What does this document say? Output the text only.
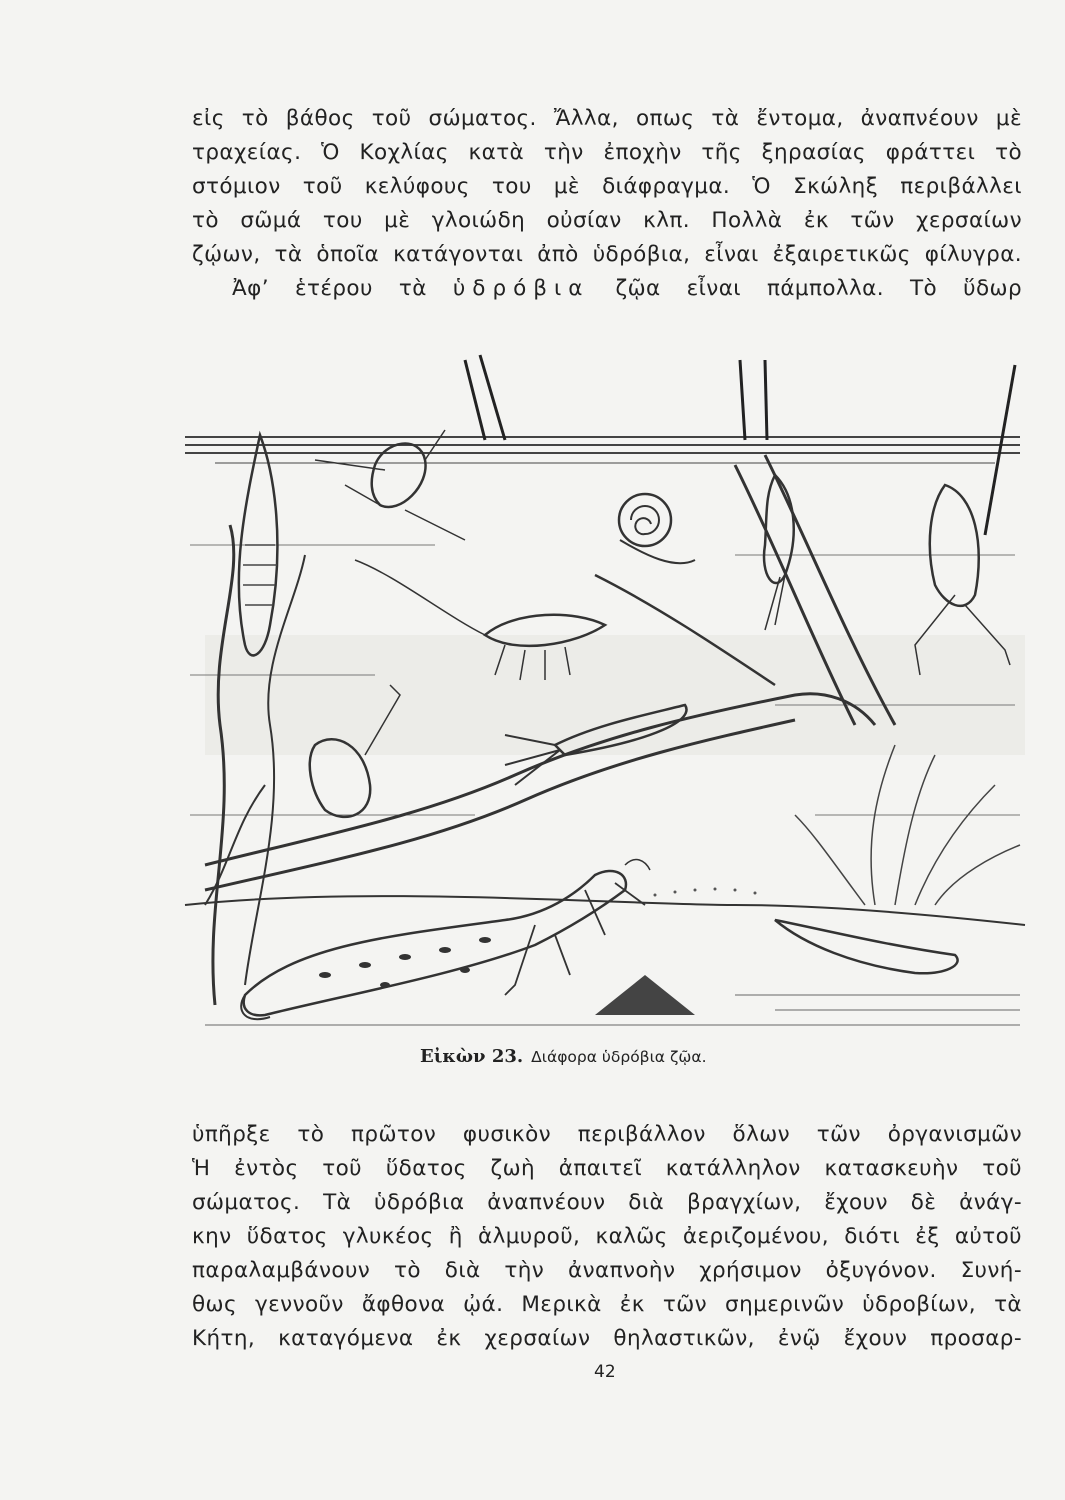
εἰς τὸ βάθος τοῦ σώματος. Ἄλλα, οπως τὰ ἔντομα, ἀναπνέουν μὲ
τραχείας. Ὁ Κοχλίας κατὰ τὴν ἐποχὴν τῆς ξηρασίας φράττει τὸ
στόμιον τοῦ κελύφους του μὲ διάφραγμα. Ὁ Σκώληξ περιβάλλει
τὸ σῶμά του μὲ γλοιώδη οὐσίαν κλπ. Πολλὰ ἐκ τῶν χερσαίων
ζῴων, τὰ ὁποῖα κατάγονται ἀπὸ ὑδρόβια, εἶναι ἐξαιρετικῶς φίλυγρα.
Ἀφ’ ἑτέρου τὰ ὑδρόβια ζῷα εἶναι πάμπολλα. Τὸ ὕδωρ
Εἰκὼν 23. Διάφορα ὑδρόβια ζῷα.
ὑπῆρξε τὸ πρῶτον φυσικὸν περιβάλλον ὅλων τῶν ὀργανισμῶν
Ἡ ἐντὸς τοῦ ὕδατος ζωὴ ἀπαιτεῖ κατάλληλον κατασκευὴν τοῦ
σώματος. Τὰ ὑδρόβια ἀναπνέουν διὰ βραγχίων, ἔχουν δὲ ἀνάγ-
κην ὕδατος γλυκέος ἢ ἁλμυροῦ, καλῶς ἀεριζομένου, διότι ἐξ αὐτοῦ
παραλαμβάνουν τὸ διὰ τὴν ἀναπνοὴν χρήσιμον ὀξυγόνον. Συνή-
θως γεννοῦν ἄφθονα ᾠά. Μερικὰ ἐκ τῶν σημερινῶν ὑδροβίων, τὰ
Κήτη, καταγόμενα ἐκ χερσαίων θηλαστικῶν, ἐνῷ ἔχουν προσαρ-
42
